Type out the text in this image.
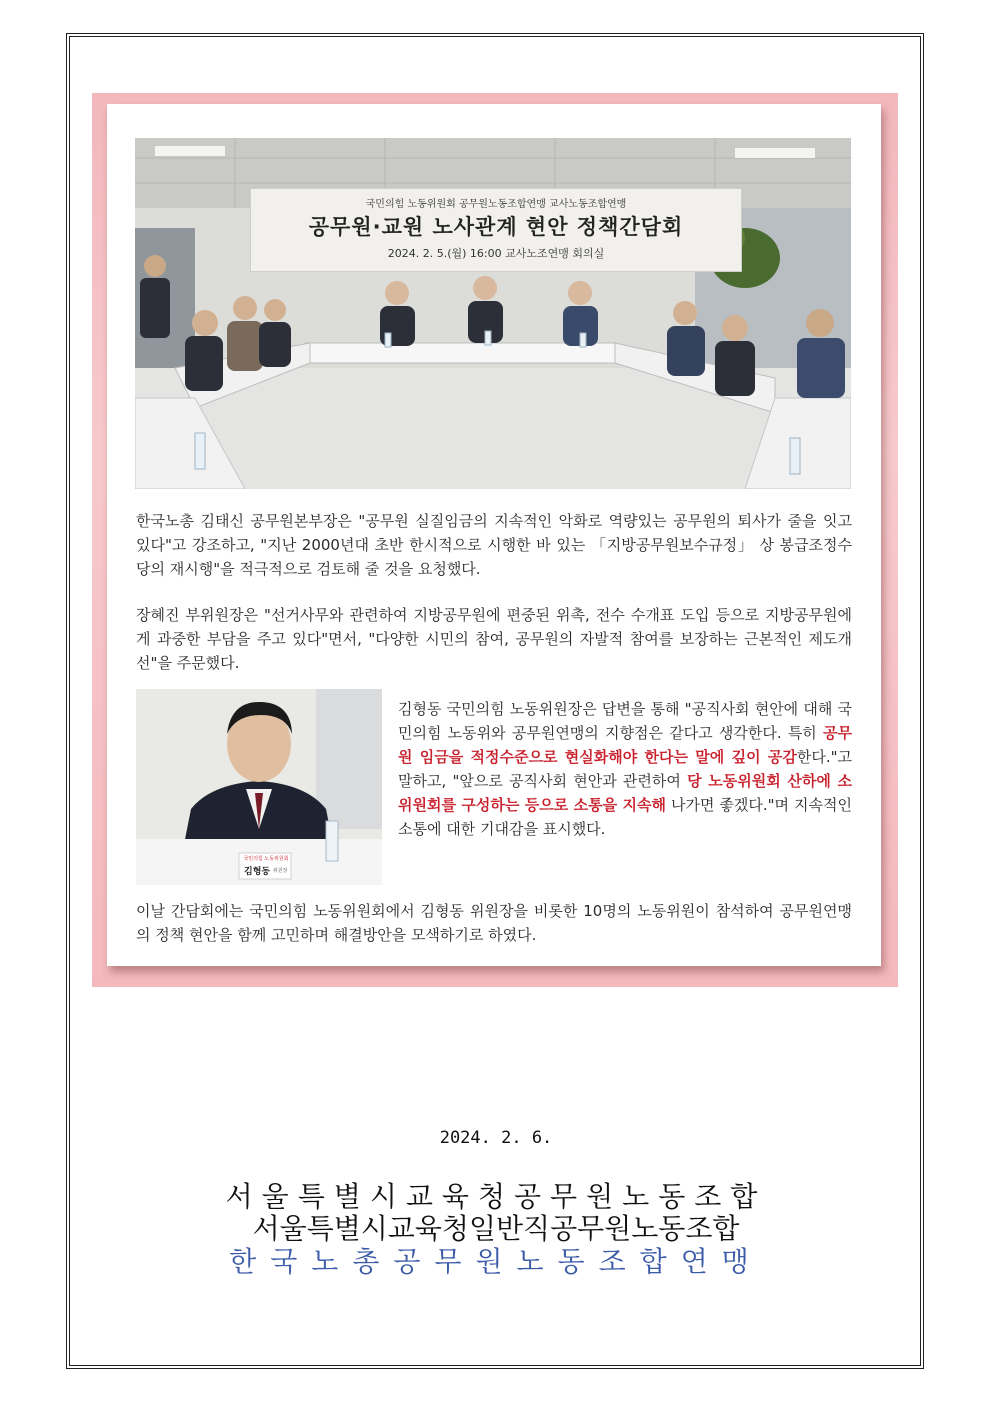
국민의힘 노동위원회 공무원노동조합연맹 교사노동조합연맹
공무원·교원 노사관계 현안 정책간담회
2024. 2. 5.(월) 16:00 교사노조연맹 회의실
한국노총 김태신 공무원본부장은 "공무원 실질임금의 지속적인 악화로 역량있는 공무원의 퇴사가 줄을 잇고 있다"고 강조하고, "지난 2000년대 초반 한시적으로 시행한 바 있는 「지방공무원보수규정」 상 봉급조정수당의 재시행"을 적극적으로 검토해 줄 것을 요청했다.
장혜진 부위원장은 "선거사무와 관련하여 지방공무원에 편중된 위촉, 전수 수개표 도입 등으로 지방공무원에게 과중한 부담을 주고 있다"면서, "다양한 시민의 참여, 공무원의 자발적 참여를 보장하는 근본적인 제도개선"을 주문했다.
국민의힘 노동위원회
김형동 위원장
김형동 국민의힘 노동위원장은 답변을 통해 "공직사회 현안에 대해 국민의힘 노동위와 공무원연맹의 지향점은 같다고 생각한다. 특히 공무원 임금을 적정수준으로 현실화해야 한다는 말에 깊이 공감한다."고 말하고, "앞으로 공직사회 현안과 관련하여 당 노동위원회 산하에 소위원회를 구성하는 등으로 소통을 지속해 나가면 좋겠다."며 지속적인 소통에 대한 기대감을 표시했다.
이날 간담회에는 국민의힘 노동위원회에서 김형동 위원장을 비롯한 10명의 노동위원이 참석하여 공무원연맹의 정책 현안을 함께 고민하며 해결방안을 모색하기로 하였다.
2024. 2. 6.
서울특별시교육청공무원노동조합
서울특별시교육청일반직공무원노동조합
한국노총공무원노동조합연맹
